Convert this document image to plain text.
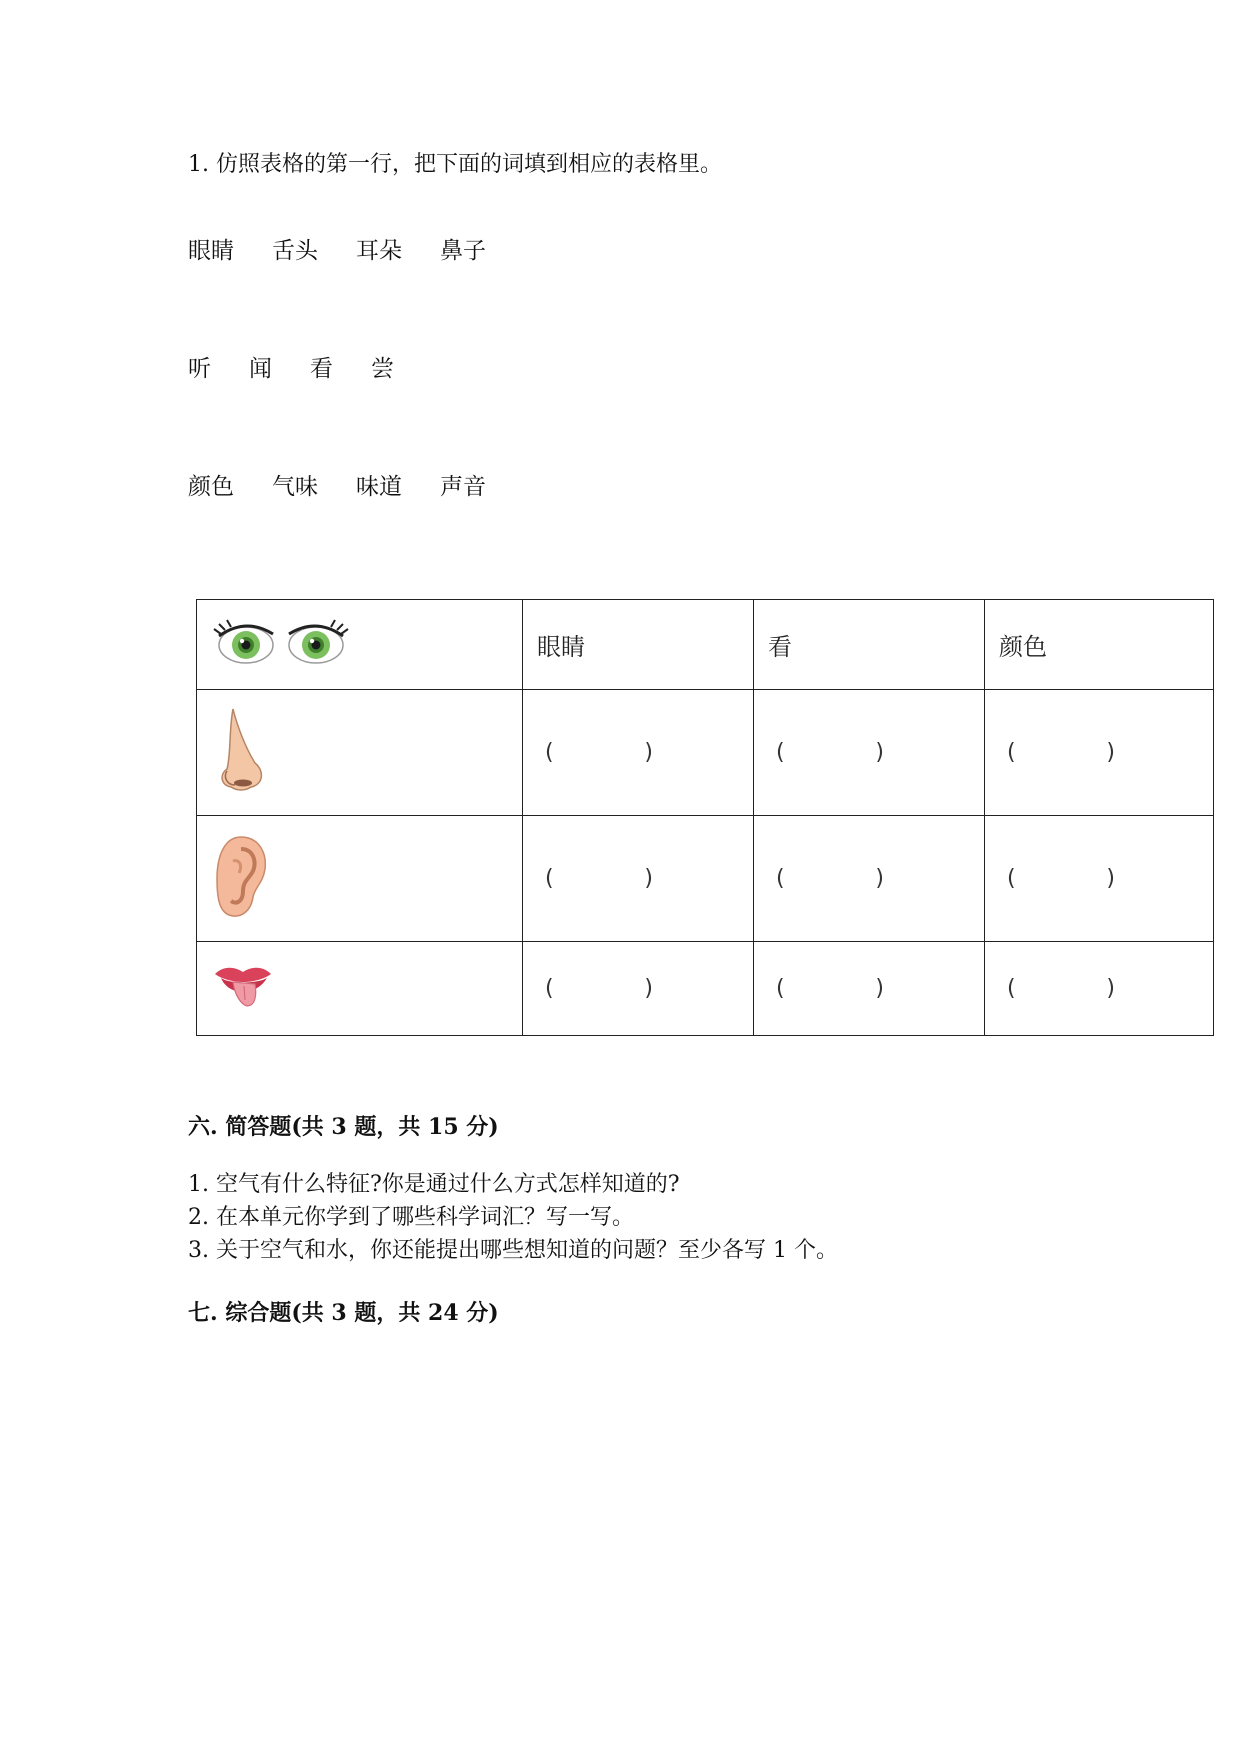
1. 仿照表格的第一行，把下面的词填到相应的表格里。
眼睛 舌头 耳朵 鼻子
听 闻 看 尝
颜色 气味 味道 声音
	眼睛	看	颜色

( )	( )	( )

( )	( )	( )

( )	( )	( )
六. 简答题(共 3 题，共 15 分)
1. 空气有什么特征?你是通过什么方式怎样知道的?
2. 在本单元你学到了哪些科学词汇？写一写。
3. 关于空气和水，你还能提出哪些想知道的问题？至少各写 1 个。
七. 综合题(共 3 题，共 24 分)
